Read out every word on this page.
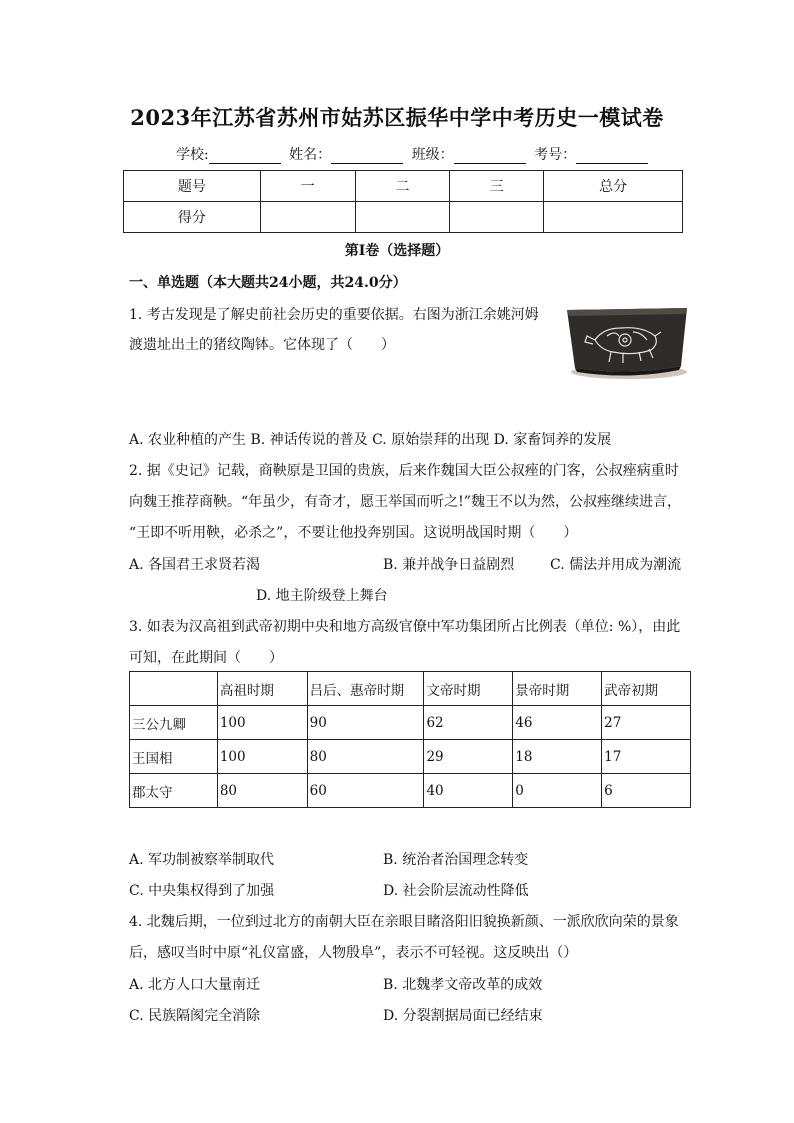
2023年江苏省苏州市姑苏区振华中学中考历史一模试卷
学校:	姓名：	班级：	考号：
题号	一	二	三	总分
得分				
第I卷（选择题）
一、单选题（本大题共24小题，共24.0分）
1. 考古发现是了解史前社会历史的重要依据。右图为浙江余姚河姆
渡遗址出土的猪纹陶钵。它体现了（　　）
A. 农业种植的产生 B. 神话传说的普及 C. 原始崇拜的出现 D. 家畜饲养的发展
2. 据《史记》记载，商鞅原是卫国的贵族，后来作魏国大臣公叔痤的门客，公叔痤病重时
向魏王推荐商鞅。“年虽少，有奇才，愿王举国而听之!”魏王不以为然，公叔痤继续进言，
“王即不听用鞅，必杀之”，不要让他投奔别国。这说明战国时期（　　）
A. 各国君王求贤若渴	B. 兼并战争日益剧烈	C. 儒法并用成为潮流
D. 地主阶级登上舞台
3. 如表为汉高祖到武帝初期中央和地方高级官僚中军功集团所占比例表（单位: %），由此
可知，在此期间（　　）
	高祖时期	吕后、惠帝时期	文帝时期	景帝时期	武帝初期
三公九卿	100	90	62	46	27
王国相	100	80	29	18	17
郡太守	80	60	40	0	6
A. 军功制被察举制取代	B. 统治者治国理念转变
C. 中央集权得到了加强	D. 社会阶层流动性降低
4. 北魏后期，一位到过北方的南朝大臣在亲眼目睹洛阳旧貌换新颜、一派欣欣向荣的景象
后，感叹当时中原“礼仪富盛，人物殷阜”，表示不可轻视。这反映出（）
A. 北方人口大量南迁	B. 北魏孝文帝改革的成效
C. 民族隔阂完全消除	D. 分裂割据局面已经结束
